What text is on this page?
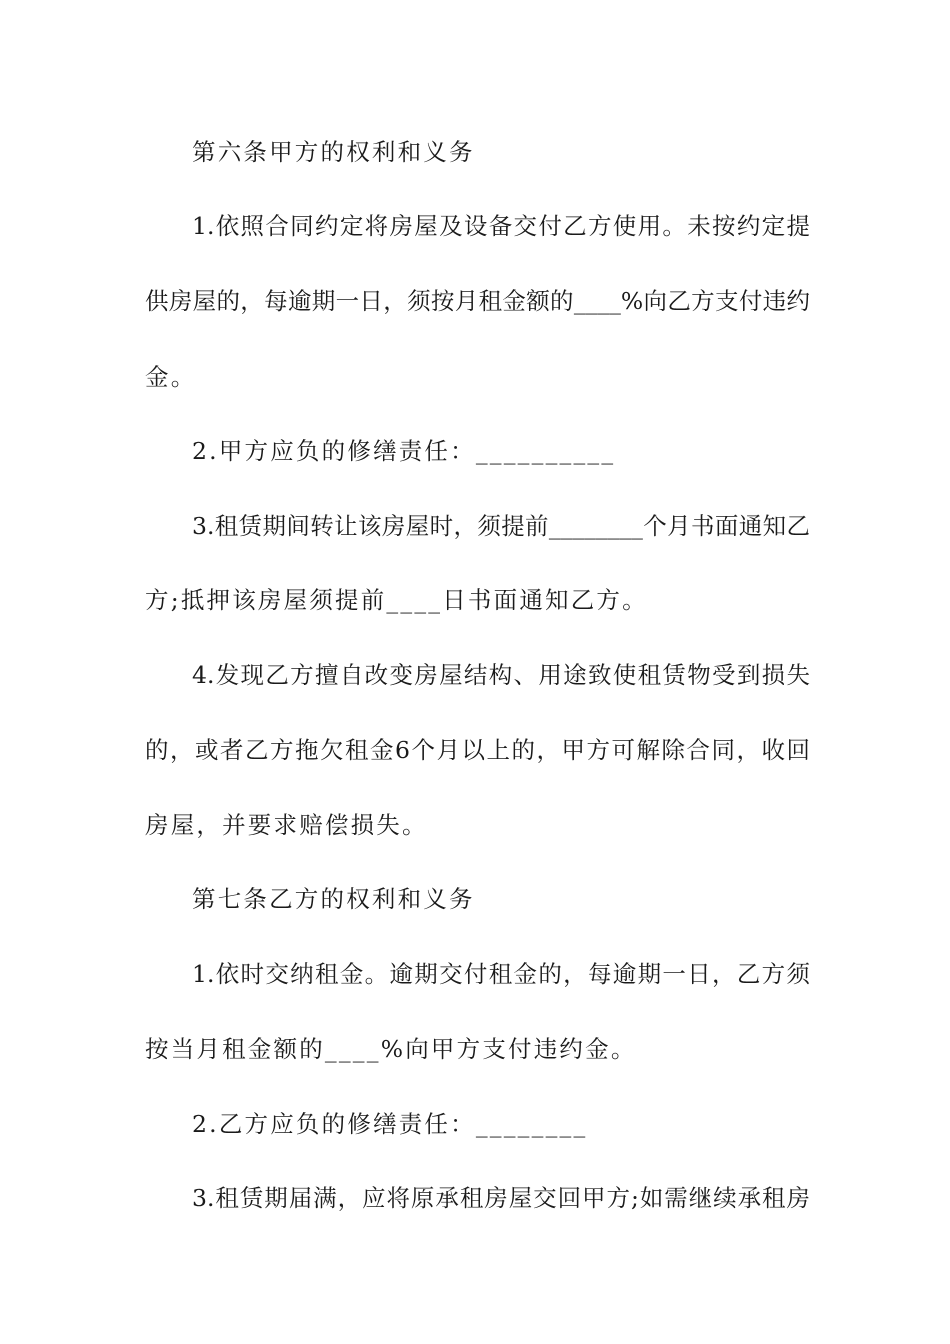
第六条甲方的权利和义务
1.依照合同约定将房屋及设备交付乙方使用。未按约定提
供房屋的，每逾期一日，须按月租金额的____%向乙方支付违约
金。
2.甲方应负的修缮责任：__________
3.租赁期间转让该房屋时，须提前________个月书面通知乙
方;抵押该房屋须提前____日书面通知乙方。
4.发现乙方擅自改变房屋结构、用途致使租赁物受到损失
的，或者乙方拖欠租金6个月以上的，甲方可解除合同，收回
房屋，并要求赔偿损失。
第七条乙方的权利和义务
1.依时交纳租金。逾期交付租金的，每逾期一日，乙方须
按当月租金额的____%向甲方支付违约金。
2.乙方应负的修缮责任：________
3.租赁期届满，应将原承租房屋交回甲方;如需继续承租房
